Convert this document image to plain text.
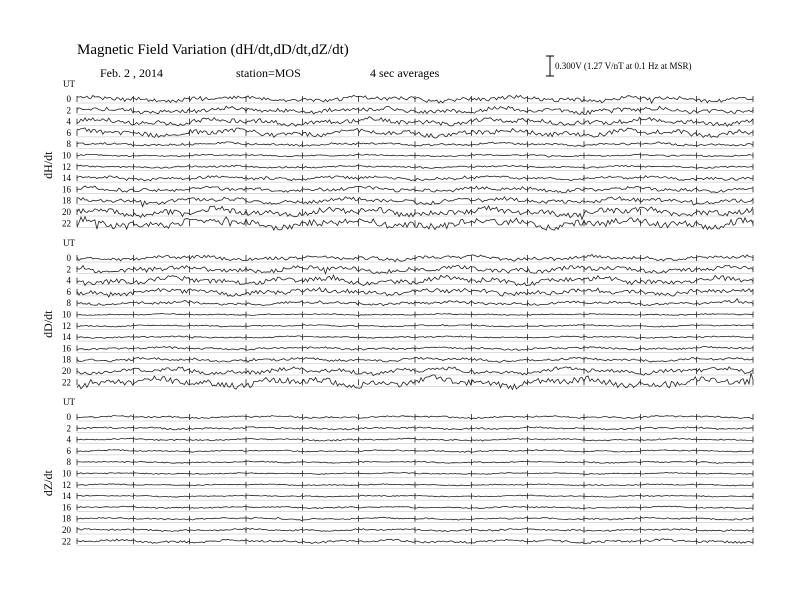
Magnetic Field Variation (dH/dt,dD/dt,dZ/dt)
Feb. 2 , 2014	station=MOS	4 sec averages	0.300V (1.27 V/nT at 0.1 Hz at MSR)
UT
dH/dt
0
2
4
6
8
10
12
14
16
18
20
22
UT
dD/dt
0
2
4
6
8
10
12
14
16
18
20
22
UT
dZ/dt
0
2
4
6
8
10
12
14
16
18
20
22
